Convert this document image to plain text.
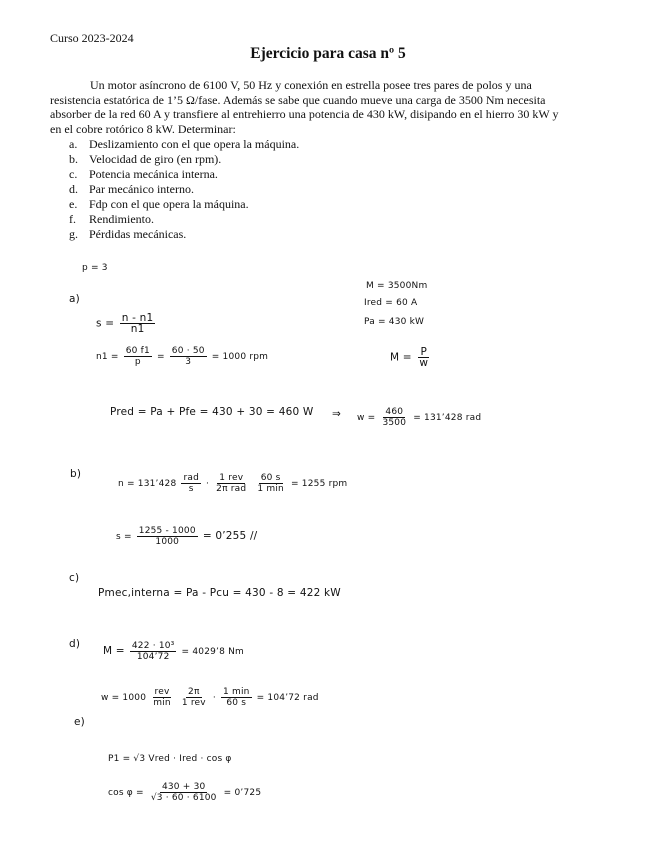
Curso 2023-2024
Ejercicio para casa nº 5
Un motor asíncrono de 6100 V, 50 Hz y conexión en estrella posee tres pares de polos y una resistencia estatórica de 1’5 Ω/fase. Además se sabe que cuando mueve una carga de 3500 Nm necesita absorber de la red 60 A y transfiere al entrehierro una potencia de 430 kW, disipando en el hierro 30 kW y en el cobre rotórico 8 kW. Determinar:
a. Deslizamiento con el que opera la máquina.
b. Velocidad de giro (en rpm).
c. Potencia mecánica interna.
d. Par mecánico interno.
e. Fdp con el que opera la máquina.
f.	Rendimiento.
g. Pérdidas mecánicas.
p = 3
M = 3500Nm
Ired = 60 A
Pa = 430 kW
$M = \frac{P}{w}$
a)
$s = \frac{n - n1}{n1}$
$n1 = \frac{60 f1}{p} = \frac{60 \cdot 50}{3} = 1000$ rpm
Pred = Pa + Pfe = 430 + 30 = 460 W ⇒ $w = \frac{460}{3500}$ = 131’428 rad
b)
n = 131’428 $\frac{\text{rad}}{s} \cdot \frac{\text{1 rev}}{\text{2π rad}}$
$\frac{60 s}{1 \min} = 1255$ rpm
$s = \frac{1255 - 1000}{1000}$ = 0’255 //
c)
Pmec,interna = Pa - Pcu = 430 - 8 = 422 kW
d)
$M = \frac{\text{422 · 10³}}{104’72}$ = 4029’8 Nm
$w = 1000 \frac{\text{rev}}{\min}$
$\frac{2\pi}{\text{1 rev}} \cdot \frac{1 \min}{60 s}$ = 104’72 rad
e)
P1 = √3 Vred · Ired · cos φ
$\cos \varphi = \frac{430 + 30}{√3 \cdot 60 \cdot 6100}$ = 0’725
